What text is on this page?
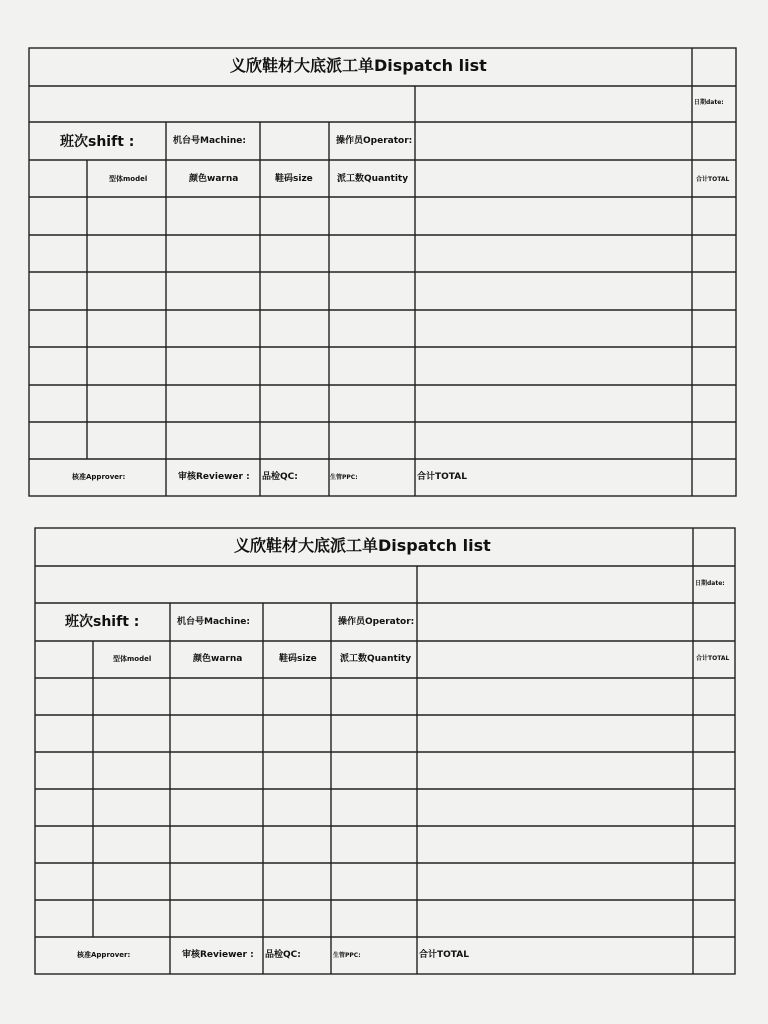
义欣鞋材大底派工单Dispatch list
日期date:
班次shift :	机台号Machine:	操作员Operator:
型体model	颜色warna	鞋码size	派工数Quantity	合计TOTAL
核准Approver:	审核Reviewer : 品检QC:	生管PPC:	合计TOTAL
义欣鞋材大底派工单Dispatch list
日期date:
班次shift :	机台号Machine:	操作员Operator:
型体model	颜色warna	鞋码size	派工数Quantity	合计TOTAL
核准Approver:	审核Reviewer : 品检QC:	生管PPC:	合计TOTAL
